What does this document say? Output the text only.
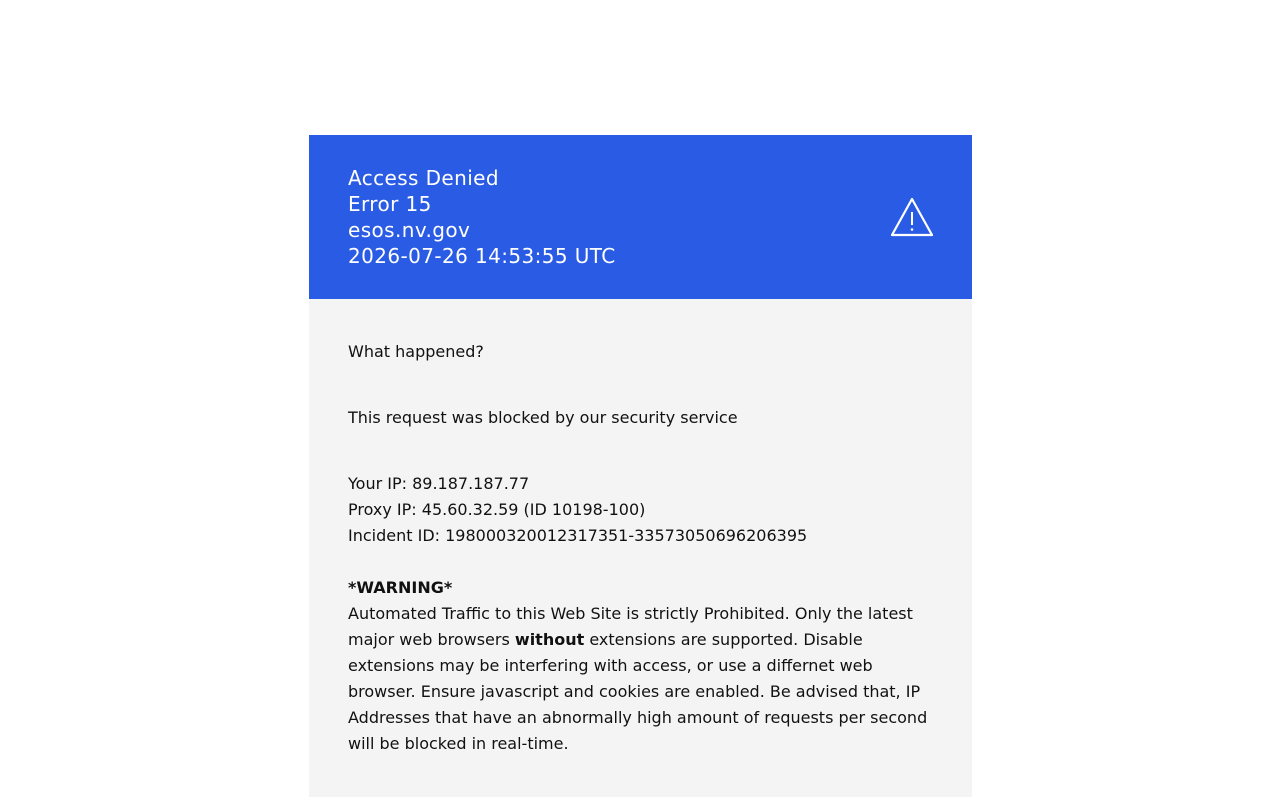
Access Denied
Error 15
esos.nv.gov
2026-07-26 14:53:55 UTC

What happened?

This request was blocked by our security service

Your IP: 89.187.187.77

Proxy IP: 45.60.32.59 (ID 10198-100)

Incident ID: 198000320012317351-33573050696206395

*WARNING*

Automated Traffic to this Web Site is strictly Prohibited. Only the latest major web browsers without extensions are supported. Disable extensions may be interfering with access, or use a differnet web browser. Ensure javascript and cookies are enabled. Be advised that, IP Addresses that have an abnormally high amount of requests per second will be blocked in real-time.
